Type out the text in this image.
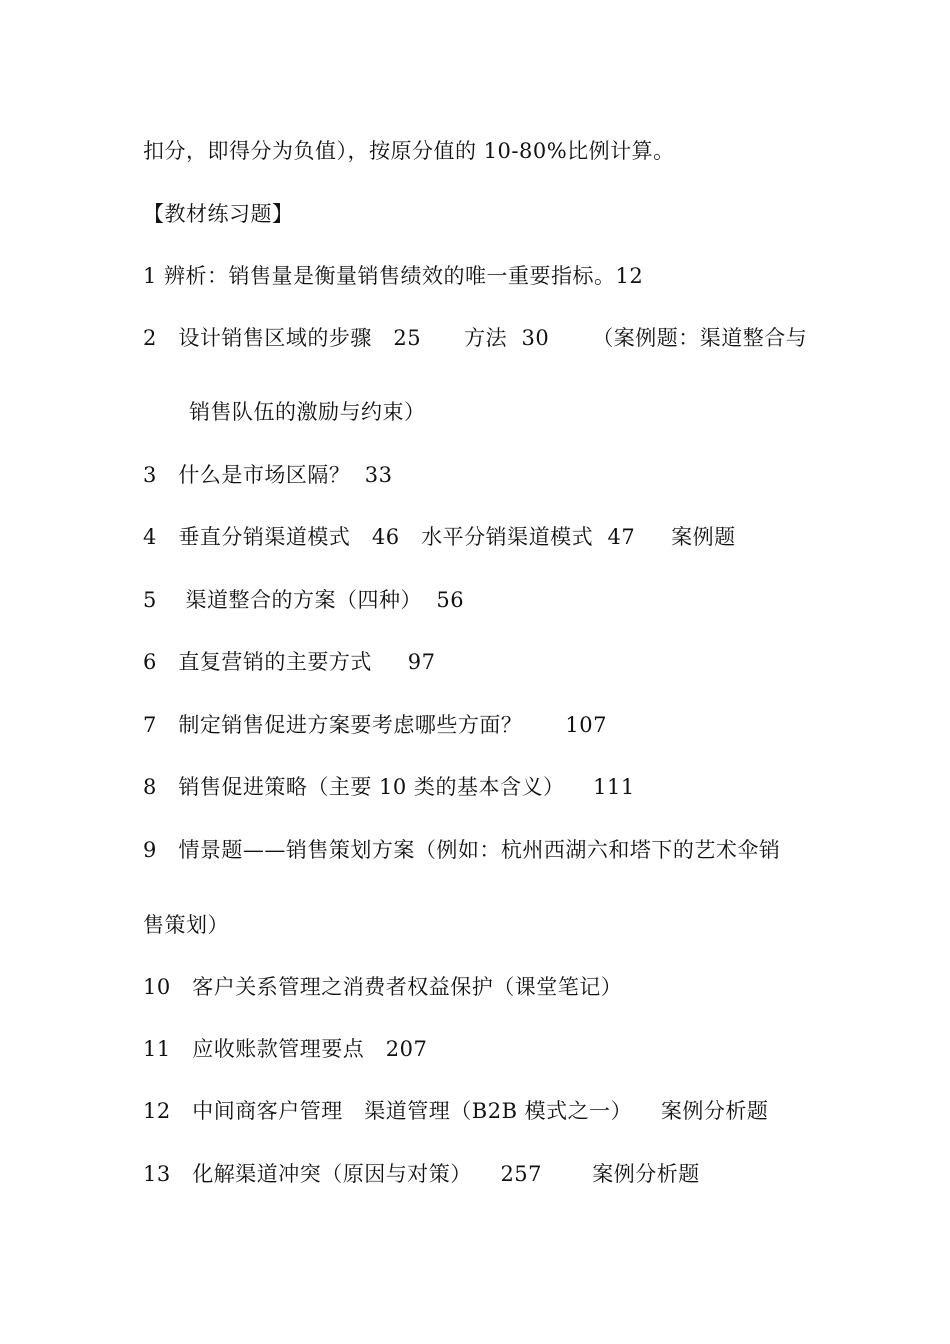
扣分，即得分为负值），按原分值的 10-80%比例计算。
【教材练习题】
1 辨析：销售量是衡量销售绩效的唯一重要指标。12
2   设计销售区域的步骤   25      方法  30      （案例题：渠道整合与
销售队伍的激励与约束）
3   什么是市场区隔？  33
4   垂直分销渠道模式   46   水平分销渠道模式  47     案例题
5    渠道整合的方案（四种）  56
6   直复营销的主要方式     97
7   制定销售促进方案要考虑哪些方面？      107
8   销售促进策略（主要 10 类的基本含义）    111
9   情景题——销售策划方案（例如：杭州西湖六和塔下的艺术伞销
售策划）
10   客户关系管理之消费者权益保护（课堂笔记）
11   应收账款管理要点   207
12   中间商客户管理   渠道管理（B2B 模式之一）    案例分析题
13   化解渠道冲突（原因与对策）    257       案例分析题
